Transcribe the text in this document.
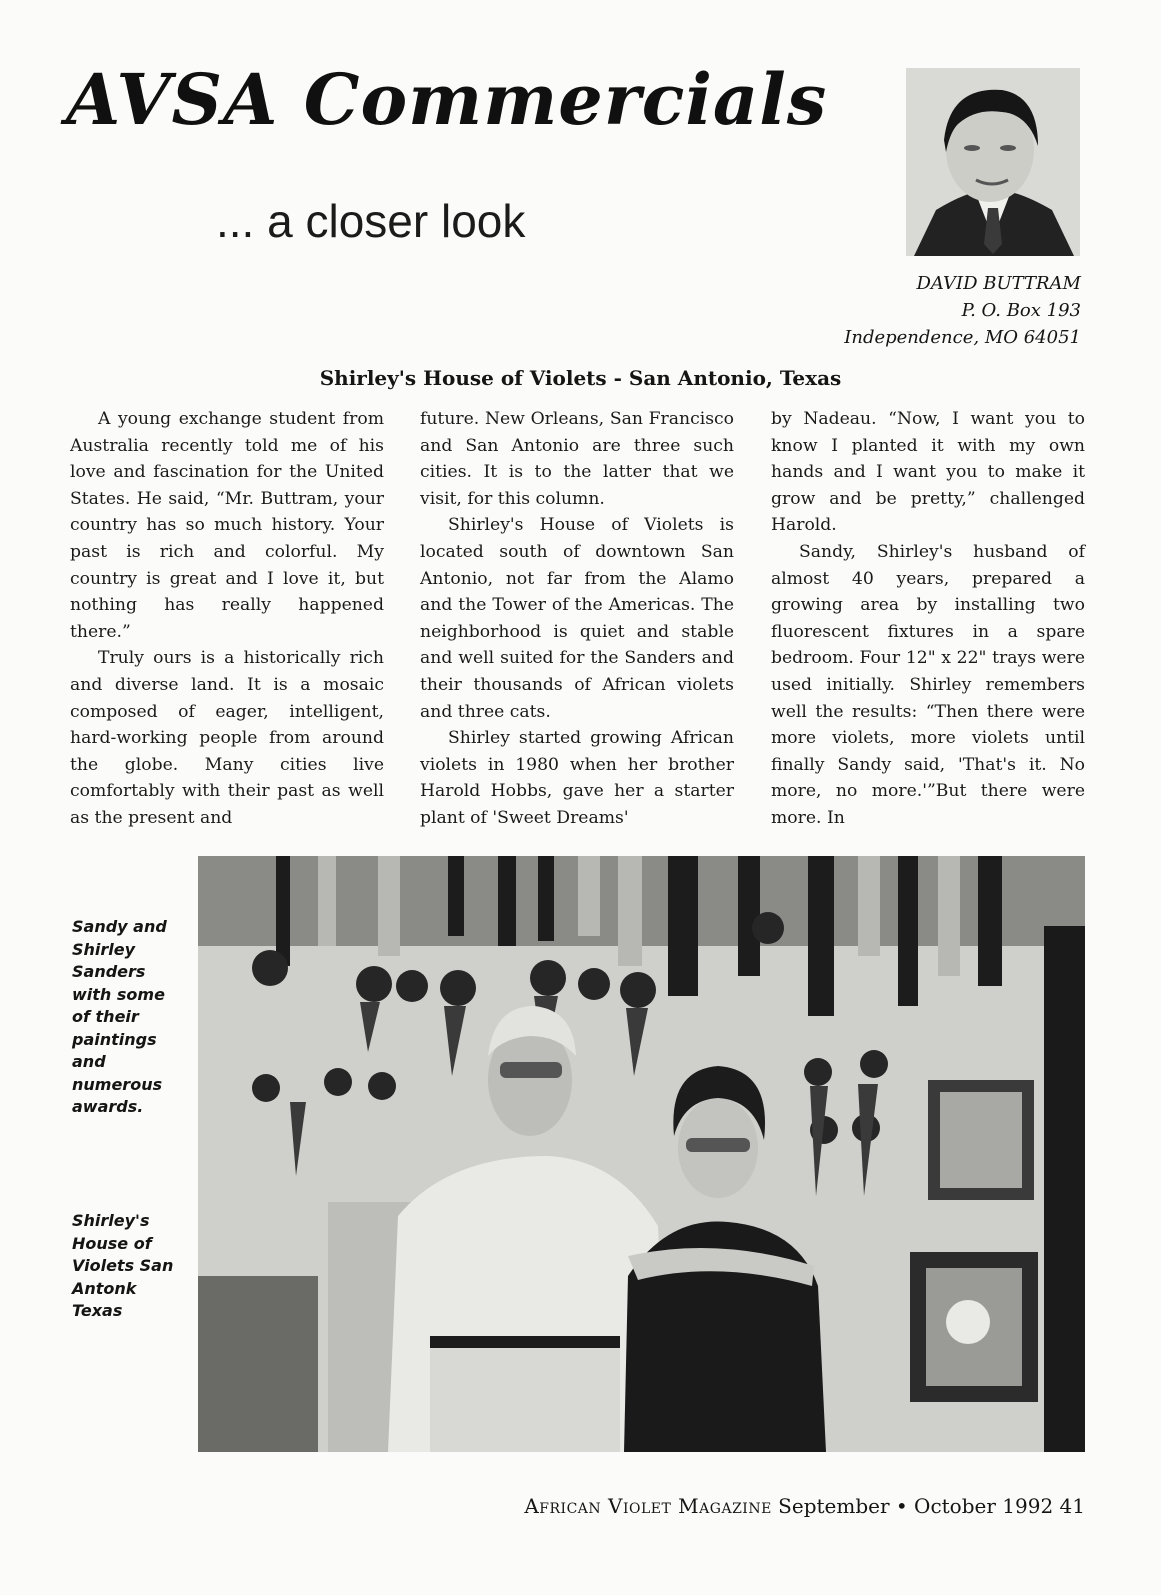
AVSA Commercials
... a closer look
DAVID BUTTRAM
P. O. Box 193
Independence, MO 64051
Shirley's House of Violets - San Antonio, Texas

A young exchange student from Australia recently told me of his love and fascination for the United States. He said, “Mr. Buttram, your country has so much history. Your past is rich and colorful. My country is great and I love it, but nothing has really happened there.”

Truly ours is a historically rich and diverse land. It is a mosaic composed of eager, intelligent, hard-working people from around the globe. Many cities live comfortably with their past as well as the present and

future. New Orleans, San Francisco and San Antonio are three such cities. It is to the latter that we visit, for this column.

Shirley's House of Violets is located south of downtown San Antonio, not far from the Alamo and the Tower of the Americas. The neighborhood is quiet and stable and well suited for the Sanders and their thousands of African violets and three cats.

Shirley started growing African violets in 1980 when her brother Harold Hobbs, gave her a starter plant of 'Sweet Dreams'

by Nadeau. “Now, I want you to know I planted it with my own hands and I want you to make it grow and be pretty,” challenged Harold.

Sandy, Shirley's husband of almost 40 years, prepared a growing area by installing two fluorescent fixtures in a spare bedroom. Four 12" x 22" trays were used initially. Shirley remembers well the results: “Then there were more violets, more violets until finally Sandy said, 'That's it. No more, no more.'”But there were more. In

Sandy and Shirley Sanders with some of their paintings and numerous awards.
Shirley's House of Violets San Antonk Texas
African Violet Magazine September • October 1992 41
